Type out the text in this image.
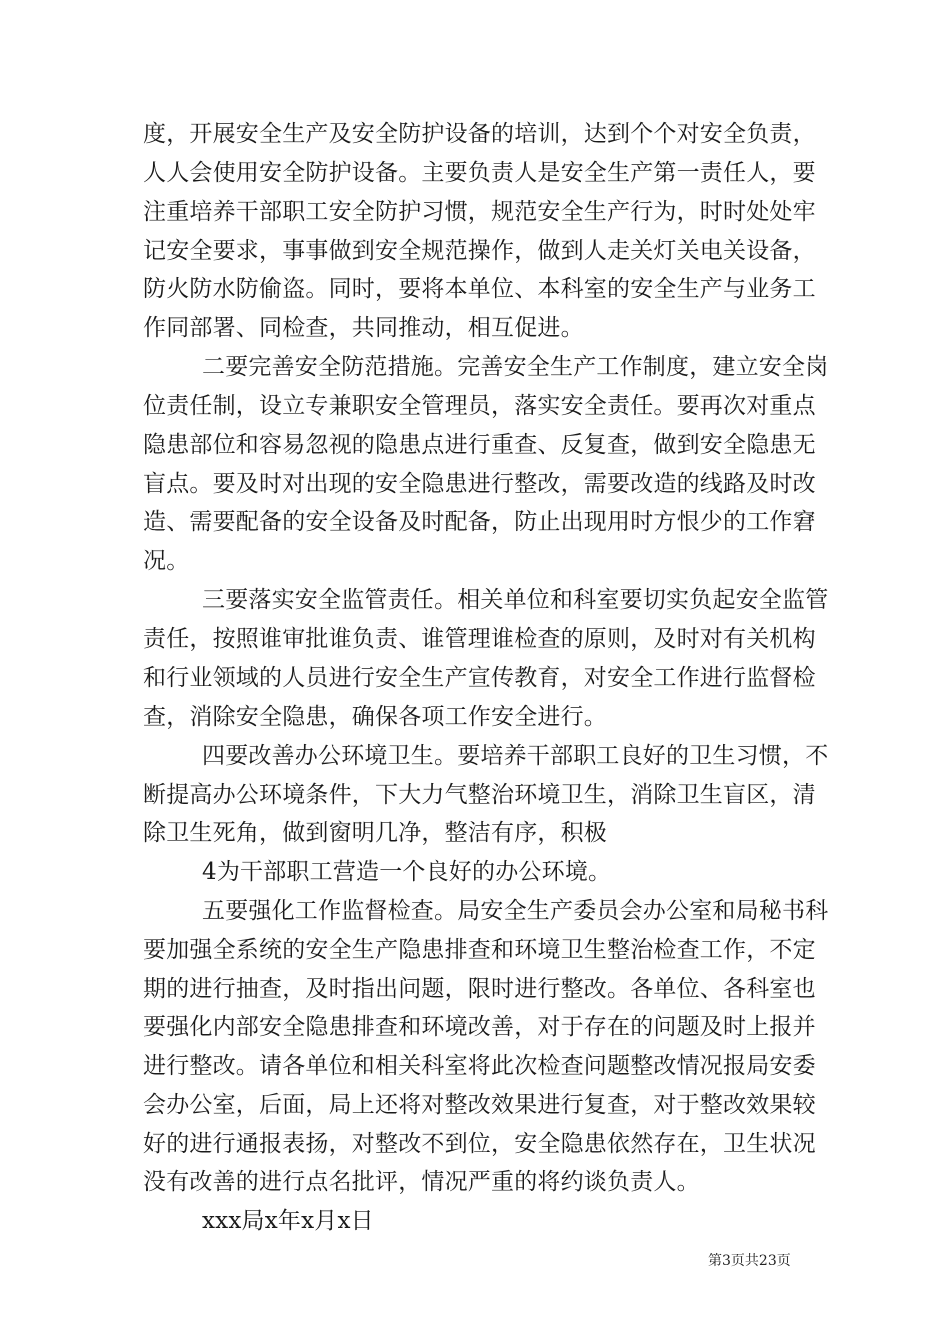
度，开展安全生产及安全防护设备的培训，达到个个对安全负责，
人人会使用安全防护设备。主要负责人是安全生产第一责任人，要
注重培养干部职工安全防护习惯，规范安全生产行为，时时处处牢
记安全要求，事事做到安全规范操作，做到人走关灯关电关设备，
防火防水防偷盗。同时，要将本单位、本科室的安全生产与业务工
作同部署、同检查，共同推动，相互促进。
二要完善安全防范措施。完善安全生产工作制度，建立安全岗
位责任制，设立专兼职安全管理员，落实安全责任。要再次对重点
隐患部位和容易忽视的隐患点进行重查、反复查，做到安全隐患无
盲点。要及时对出现的安全隐患进行整改，需要改造的线路及时改
造、需要配备的安全设备及时配备，防止出现用时方恨少的工作窘
况。
三要落实安全监管责任。相关单位和科室要切实负起安全监管
责任，按照谁审批谁负责、谁管理谁检查的原则，及时对有关机构
和行业领域的人员进行安全生产宣传教育，对安全工作进行监督检
查，消除安全隐患，确保各项工作安全进行。
四要改善办公环境卫生。要培养干部职工良好的卫生习惯，不
断提高办公环境条件，下大力气整治环境卫生，消除卫生盲区，清
除卫生死角，做到窗明几净，整洁有序，积极
4为干部职工营造一个良好的办公环境。
五要强化工作监督检查。局安全生产委员会办公室和局秘书科
要加强全系统的安全生产隐患排查和环境卫生整治检查工作，不定
期的进行抽查，及时指出问题，限时进行整改。各单位、各科室也
要强化内部安全隐患排查和环境改善，对于存在的问题及时上报并
进行整改。请各单位和相关科室将此次检查问题整改情况报局安委
会办公室，后面，局上还将对整改效果进行复查，对于整改效果较
好的进行通报表扬，对整改不到位，安全隐患依然存在，卫生状况
没有改善的进行点名批评，情况严重的将约谈负责人。
xxx局x年x月x日
第3页共23页
